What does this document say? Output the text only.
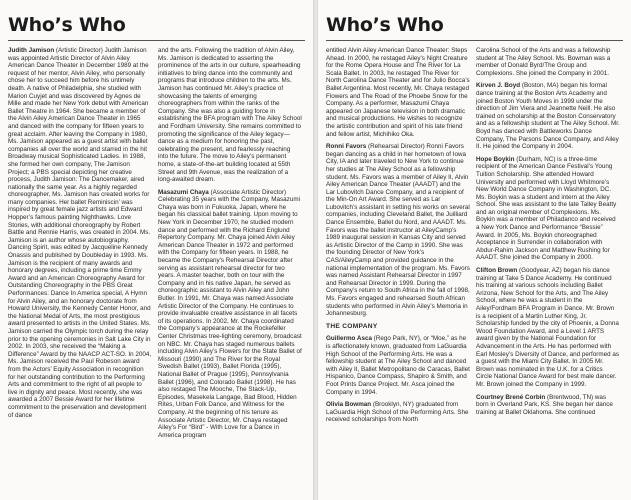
Who’s Who

Judith Jamison (Artistic Director) Judith Jamison was appointed Artistic Director of Alvin Ailey American Dance Theater in December 1989 at the request of her mentor, Alvin Ailey, who personally chose her to succeed him before his untimely death. A native of Philadelphia, she studied with Marion Cuyjet and was discovered by Agnes de Mille and made her New York debut with American Ballet Theatre in 1964. She became a member of the Alvin Ailey American Dance Theater in 1965 and danced with the company for fifteen years to great acclaim. After leaving the Company in 1980, Ms. Jamison appeared as a guest artist with ballet companies all over the world and starred in the hit Broadway musical Sophisticated Ladies. In 1988, she formed her own company, The Jamison Project; a PBS special depicting her creative process, Judith Jamison: The Dancemaker, aired nationally the same year. As a highly regarded choreographer, Ms. Jamison has created works for many companies. Her ballet Reminiscin’ was inspired by great female jazz artists and Edward Hopper’s famous painting Nighthawks. Love Stories, with additional choreography by Robert Battle and Rennie Harris, was created in 2004. Ms. Jamison is an author whose autobiography, Dancing Spirit, was edited by Jacqueline Kennedy Onassis and published by Doubleday in 1993. Ms. Jamison is the recipient of many awards and honorary degrees, including a prime time Emmy Award and an American Choreography Award for Outstanding Choreography in the PBS Great Performances: Dance In America special, A Hymn for Alvin Ailey, and an honorary doctorate from Howard University, the Kennedy Center Honor, and the National Medal of Arts, the most prestigious award presented to artists in the United States. Ms. Jamison carried the Olympic torch during the relay prior to the opening ceremonies in Salt Lake City in 2002. In 2003, she received the “Making a Difference” Award by the NAACP ACT-SO. In 2004, Ms. Jamison received the Paul Robeson award from the Actors’ Equity Association in recognition for her outstanding contribution to the Performing Arts and commitment to the right of all people to live in dignity and peace. Most recently, she was awarded a 2007 Bessie Award for her lifetime commitment to the preservation and development of dance

and the arts. Following the tradition of Alvin Ailey, Ms. Jamison is dedicated to asserting the prominence of the arts in our culture, spearheading initiatives to bring dance into the community and programs that introduce children to the arts. Ms. Jamison has continued Mr. Ailey’s practice of showcasing the talents of emerging choreographers from within the ranks of the Company. She was also a guiding force in establishing the BFA program with The Ailey School and Fordham University. She remains committed to promoting the significance of the Ailey legacy—dance as a medium for honoring the past, celebrating the present, and fearlessly reaching into the future. The move to Ailey’s permanent home, a state-of-the-art building located at 55th Street and 9th Avenue, was the realization of a long-awaited dream.

Masazumi Chaya (Associate Artistic Director) Celebrating 35 years with the Company, Masazumi Chaya was born in Fukuoka, Japan, where he began his classical ballet training. Upon moving to New York in December 1970, he studied modern dance and performed with the Richard Englund Repertory Company. Mr. Chaya joined Alvin Ailey American Dance Theater in 1972 and performed with the Company for fifteen years. In 1988, he became the Company’s Rehearsal Director after serving as assistant rehearsal director for two years. A master teacher, both on tour with the Company and in his native Japan, he served as choreographic assistant to Alvin Ailey and John Butler. In 1991, Mr. Chaya was named Associate Artistic Director of the Company. He continues to provide invaluable creative assistance in all facets of its operations. In 2002, Mr. Chaya coordinated the Company’s appearance at the Rockefeller Center Christmas tree-lighting ceremony, broadcast on NBC. Mr. Chaya has staged numerous ballets including Alvin Ailey’s Flowers for the State Ballet of Missouri (1990) and The River for the Royal Swedish Ballet (1993), Ballet Florida (1995), National Ballet of Prague (1995), Pennsylvania Ballet (1996), and Colorado Ballet (1998). He has also restaged The Mooche, The Stack-Up, Episodes, Masekela Langage, Bad Blood, Hidden Rites, Urban Folk Dance, and Witness for the Company. At the beginning of his tenure as Associate Artistic Director, Mr. Chaya restaged Ailey’s For “Bird” - With Love for a Dance in America program

Who’s Who

entitled Alvin Ailey American Dance Theater: Steps Ahead. In 2000, he restaged Ailey’s Night Creature for the Rome Opera House and The River for La Scala Ballet. In 2003, he restaged The River for North Carolina Dance Theater and for Julio Bocca’s Ballet Argentina. Most recently, Mr. Chaya restaged Flowers and The Road of the Phoebe Snow for the Company. As a performer, Masazumi Chaya appeared on Japanese television in both dramatic and musical productions. He wishes to recognize the artistic contribution and spirit of his late friend and fellow artist, Michihiko Oka.

Ronni Favors (Rehearsal Director) Ronni Favors began dancing as a child in her hometown of Iowa City, IA and later traveled to New York to continue her studies at The Ailey School as a fellowship student. Ms. Favors was a member of Ailey II, Alvin Ailey American Dance Theater (AAADT) and the Lar Lubovitch Dance Company, and a recipient of the Min-On Art Award. She served as Lar Lubovitch’s assistant in setting his works on several companies, including Cleveland Ballet, the Juilliard Dance Ensemble, Ballet du Nord, and AAADT. Ms. Favors was the ballet instructor at AileyCamp’s 1989 inaugural session in Kansas City and served as Artistic Director of the Camp in 1990. She was the founding Director of New York’s CAS/AileyCamp and provided guidance in the national implementation of the program. Ms. Favors was named Assistant Rehearsal Director in 1997 and Rehearsal Director in 1999. During the Company’s return to South Africa in the fall of 1998, Ms. Favors engaged and rehearsed South African students who performed in Alvin Ailey’s Memoria in Johannesburg.

THE COMPANY

Guillermo Asca (Rego Park, NY), or “Moe,” as he is affectionately known, graduated from LaGuardia High School of the Performing Arts. He was a fellowship student at The Ailey School and danced with Ailey II, Ballet Metropolitano de Caracas, Ballet Hispanico, Dance Compass, Shapiro & Smith, and Foot Prints Dance Project. Mr. Asca joined the Company in 1994.

Olivia Bowman (Brooklyn, NY) graduated from LaGuardia High School of the Performing Arts. She received scholarships from North

Carolina School of the Arts and was a fellowship student at The Ailey School. Ms. Bowman was a member of Donald Byrd/The Group and Complexions. She joined the Company in 2001.

Kirven J. Boyd (Boston, MA) began his formal dance training at the Boston Arts Academy and joined Boston Youth Moves in 1999 under the direction of Jim Viera and Jeannette Neill. He also trained on scholarship at the Boston Conservatory and as a fellowship student at The Ailey School. Mr. Boyd has danced with Battleworks Dance Company, The Parsons Dance Company, and Ailey II. He joined the Company in 2004.

Hope Boykin (Durham, NC) is a three-time recipient of the American Dance Festival’s Young Tuition Scholarship. She attended Howard University and performed with Lloyd Whitmore’s New World Dance Company in Washington, DC. Ms. Boykin was a student and intern at the Ailey School. She was assistant to the late Talley Beatty and an original member of Complexions. Ms. Boykin was a member of Philadanco and received a New York Dance and Performance “Bessie” Award. In 2005, Ms. Boykin choreographed Acceptance in Surrender in collaboration with Abdur-Rahim Jackson and Matthew Rushing for AAADT. She joined the Company in 2000.

Clifton Brown (Goodyear, AZ) began his dance training at Take 5 Dance Academy. He continued his training at various schools including Ballet Arizona, New School for the Arts, and The Ailey School, where he was a student in the Ailey/Fordham BFA Program in Dance. Mr. Brown is a recipient of a Martin Luther King, Jr. Scholarship funded by the city of Phoenix, a Donna Wood Foundation Award, and a Level 1 ARTS award given by the National Foundation for Advancement in the Arts. He has performed with Earl Mosley’s Diversity of Dance, and performed as a guest with the Miami City Ballet. In 2005 Mr. Brown was nominated in the U.K. for a Critics Circle National Dance Award for best male dancer. Mr. Brown joined the Company in 1999.

Courtney Brené Corbin (Brentwood, TN) was born in Overland Park, KS. She began her dance training at Ballet Oklahoma. She continued
